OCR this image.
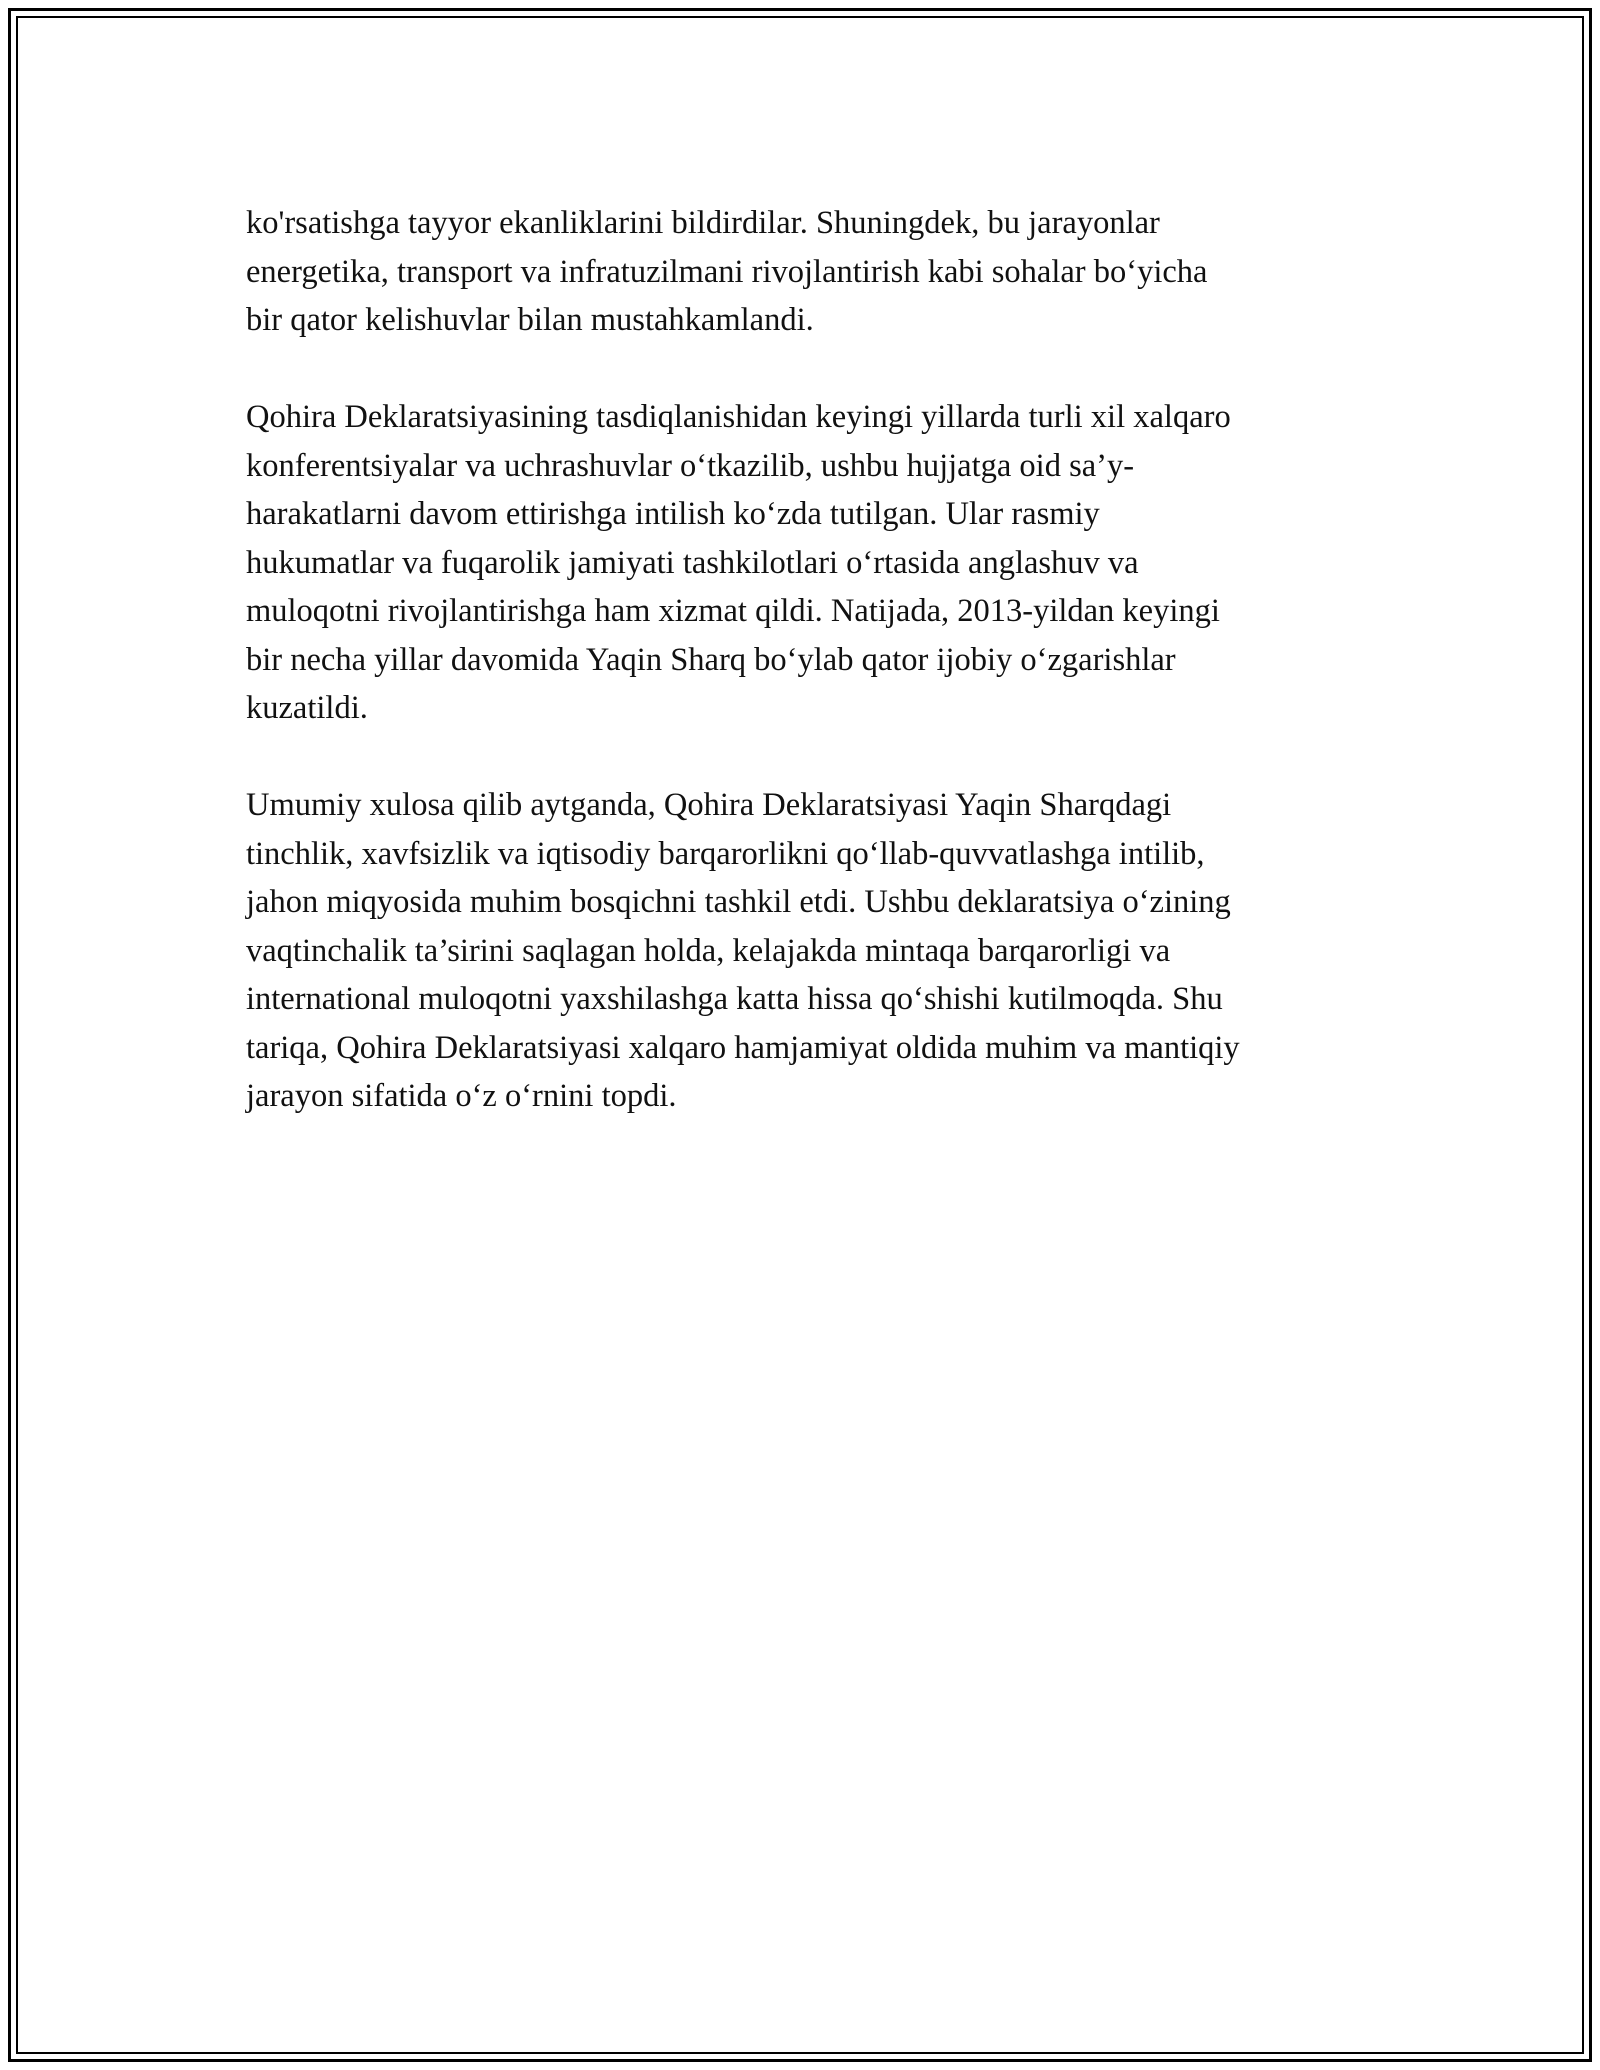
ko'rsatishga tayyor ekanliklarini bildirdilar. Shuningdek, bu jarayonlar
energetika, transport va infratuzilmani rivojlantirish kabi sohalar bo‘yicha
bir qator kelishuvlar bilan mustahkamlandi.

Qohira Deklaratsiyasining tasdiqlanishidan keyingi yillarda turli xil xalqaro
konferentsiyalar va uchrashuvlar o‘tkazilib, ushbu hujjatga oid sa’y-
harakatlarni davom ettirishga intilish ko‘zda tutilgan. Ular rasmiy
hukumatlar va fuqarolik jamiyati tashkilotlari o‘rtasida anglashuv va
muloqotni rivojlantirishga ham xizmat qildi. Natijada, 2013-yildan keyingi
bir necha yillar davomida Yaqin Sharq bo‘ylab qator ijobiy o‘zgarishlar
kuzatildi.

Umumiy xulosa qilib aytganda, Qohira Deklaratsiyasi Yaqin Sharqdagi
tinchlik, xavfsizlik va iqtisodiy barqarorlikni qo‘llab-quvvatlashga intilib,
jahon miqyosida muhim bosqichni tashkil etdi. Ushbu deklaratsiya o‘zining
vaqtinchalik ta’sirini saqlagan holda, kelajakda mintaqa barqarorligi va
international muloqotni yaxshilashga katta hissa qo‘shishi kutilmoqda. Shu
tariqa, Qohira Deklaratsiyasi xalqaro hamjamiyat oldida muhim va mantiqiy
jarayon sifatida o‘z o‘rnini topdi.
